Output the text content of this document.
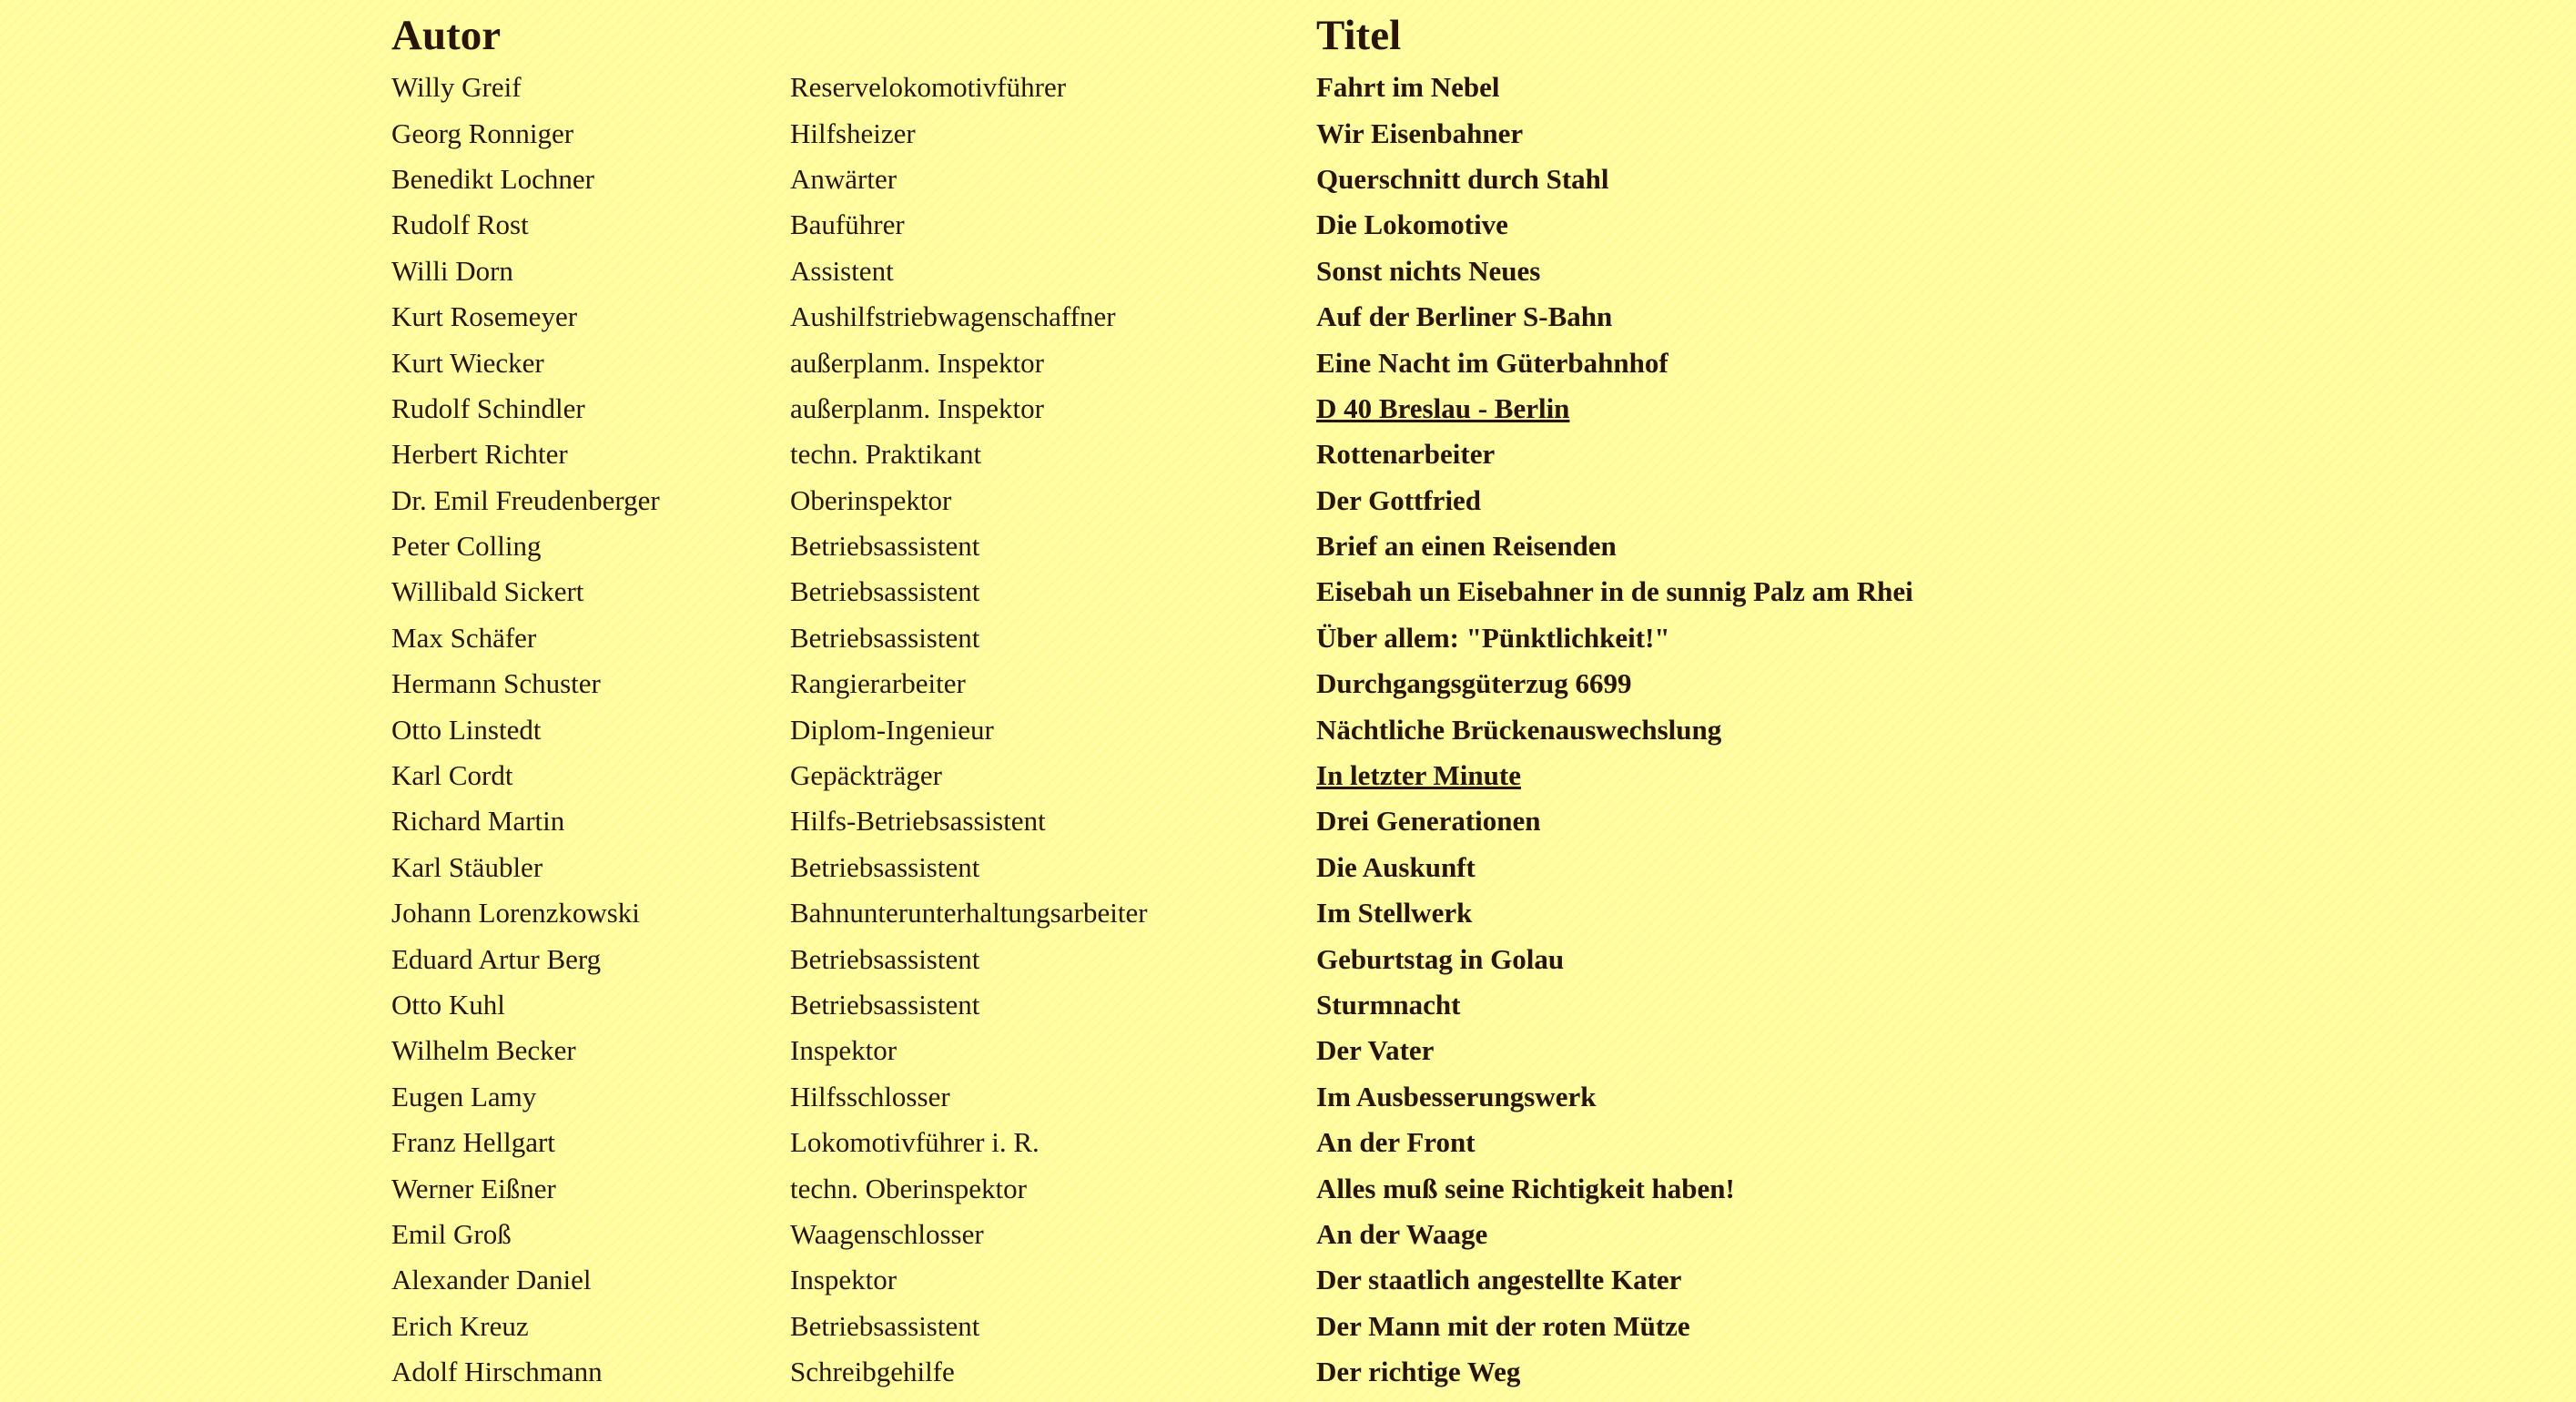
Autor		Titel
Willy Greif	Reservelokomotivführer	Fahrt im Nebel
Georg Ronniger	Hilfsheizer	Wir Eisenbahner
Benedikt Lochner	Anwärter	Querschnitt durch Stahl
Rudolf Rost	Bauführer	Die Lokomotive
Willi Dorn	Assistent	Sonst nichts Neues
Kurt Rosemeyer	Aushilfstriebwagenschaffner	Auf der Berliner S-Bahn
Kurt Wiecker	außerplanm. Inspektor	Eine Nacht im Güterbahnhof
Rudolf Schindler	außerplanm. Inspektor	D 40 Breslau - Berlin
Herbert Richter	techn. Praktikant	Rottenarbeiter
Dr. Emil Freudenberger	Oberinspektor	Der Gottfried
Peter Colling	Betriebsassistent	Brief an einen Reisenden
Willibald Sickert	Betriebsassistent	Eisebah un Eisebahner in de sunnig Palz am Rhei
Max Schäfer	Betriebsassistent	Über allem: "Pünktlichkeit!"
Hermann Schuster	Rangierarbeiter	Durchgangsgüterzug 6699
Otto Linstedt	Diplom-Ingenieur	Nächtliche Brückenauswechslung
Karl Cordt	Gepäckträger	In letzter Minute
Richard Martin	Hilfs-Betriebsassistent	Drei Generationen
Karl Stäubler	Betriebsassistent	Die Auskunft
Johann Lorenzkowski	Bahnunterunterhaltungsarbeiter	Im Stellwerk
Eduard Artur Berg	Betriebsassistent	Geburtstag in Golau
Otto Kuhl	Betriebsassistent	Sturmnacht
Wilhelm Becker	Inspektor	Der Vater
Eugen Lamy	Hilfsschlosser	Im Ausbesserungswerk
Franz Hellgart	Lokomotivführer i. R.	An der Front
Werner Eißner	techn. Oberinspektor	Alles muß seine Richtigkeit haben!
Emil Groß	Waagenschlosser	An der Waage
Alexander Daniel	Inspektor	Der staatlich angestellte Kater
Erich Kreuz	Betriebsassistent	Der Mann mit der roten Mütze
Adolf Hirschmann	Schreibgehilfe	Der richtige Weg
